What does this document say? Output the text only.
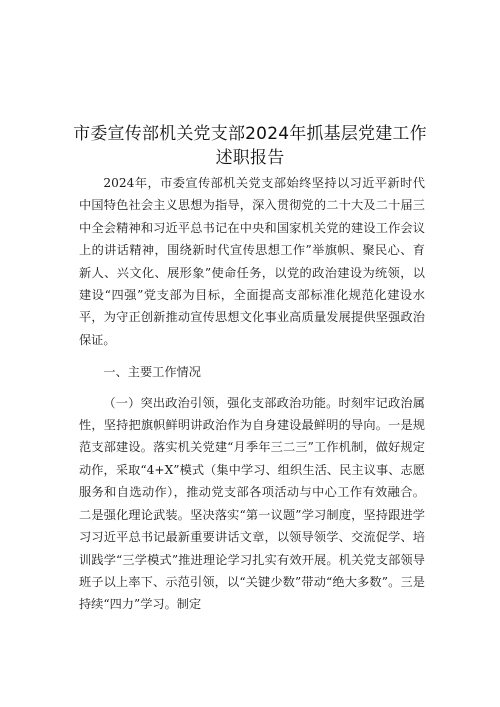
市委宣传部机关党支部2024年抓基层党建工作
述职报告

2024年，市委宣传部机关党支部始终坚持以习近平新时代中国特色社会主义思想为指导，深入贯彻党的二十大及二十届三中全会精神和习近平总书记在中央和国家机关党的建设工作会议上的讲话精神，围绕新时代宣传思想工作”举旗帜、聚民心、育新人、兴文化、展形象”使命任务，以党的政治建设为统领，以建设“四强”党支部为目标，全面提高支部标准化规范化建设水平，为守正创新推动宣传思想文化事业高质量发展提供坚强政治保证。

一、主要工作情况

（一）突出政治引领，强化支部政治功能。时刻牢记政治属性，坚持把旗帜鲜明讲政治作为自身建设最鲜明的导向。一是规范支部建设。落实机关党建“月季年三二三”工作机制，做好规定动作，采取“4+X”模式（集中学习、组织生活、民主议事、志愿服务和自选动作），推动党支部各项活动与中心工作有效融合。二是强化理论武装。坚决落实“第一议题”学习制度，坚持跟进学习习近平总书记最新重要讲话文章，以领导领学、交流促学、培训践学“三学模式”推进理论学习扎实有效开展。机关党支部领导班子以上率下、示范引领，以“关键少数”带动“绝大多数”。三是持续“四力”学习。制定
